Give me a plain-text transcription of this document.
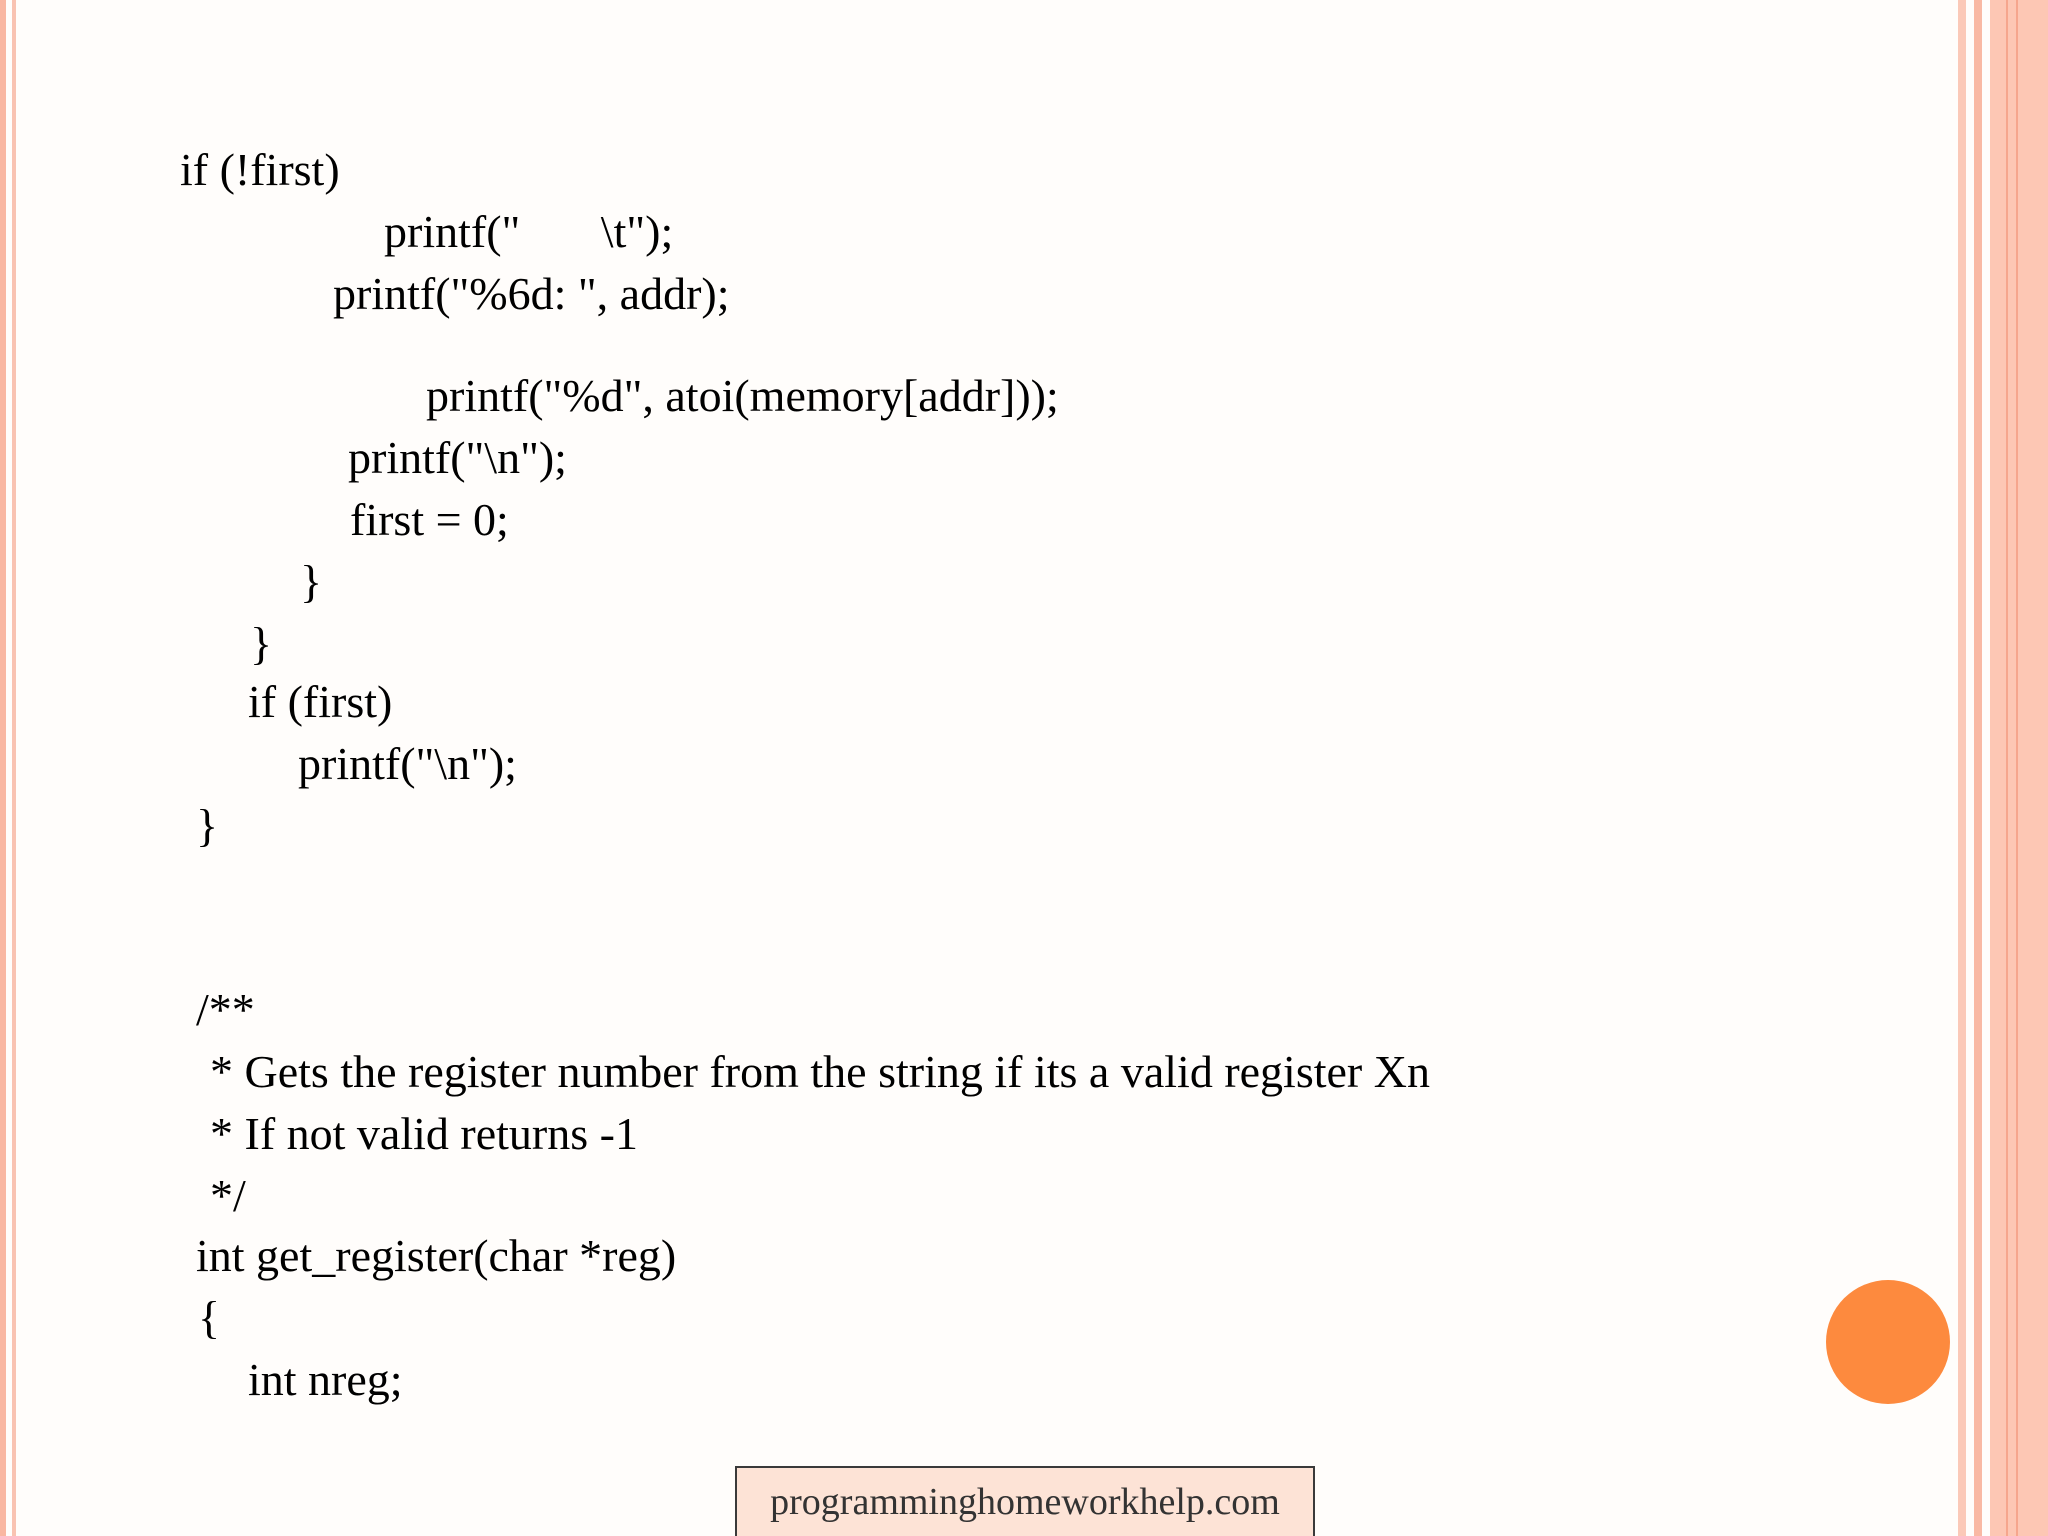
if (!first)
printf("       \t");
printf("%6d: ", addr);
printf("%d", atoi(memory[addr]));
printf("\n");
first = 0;
}
}
if (first)
printf("\n");
}
/**
* Gets the register number from the string if its a valid register Xn
* If not valid returns -1
*/
int get_register(char *reg)
{
int nreg;
programminghomeworkhelp.com
